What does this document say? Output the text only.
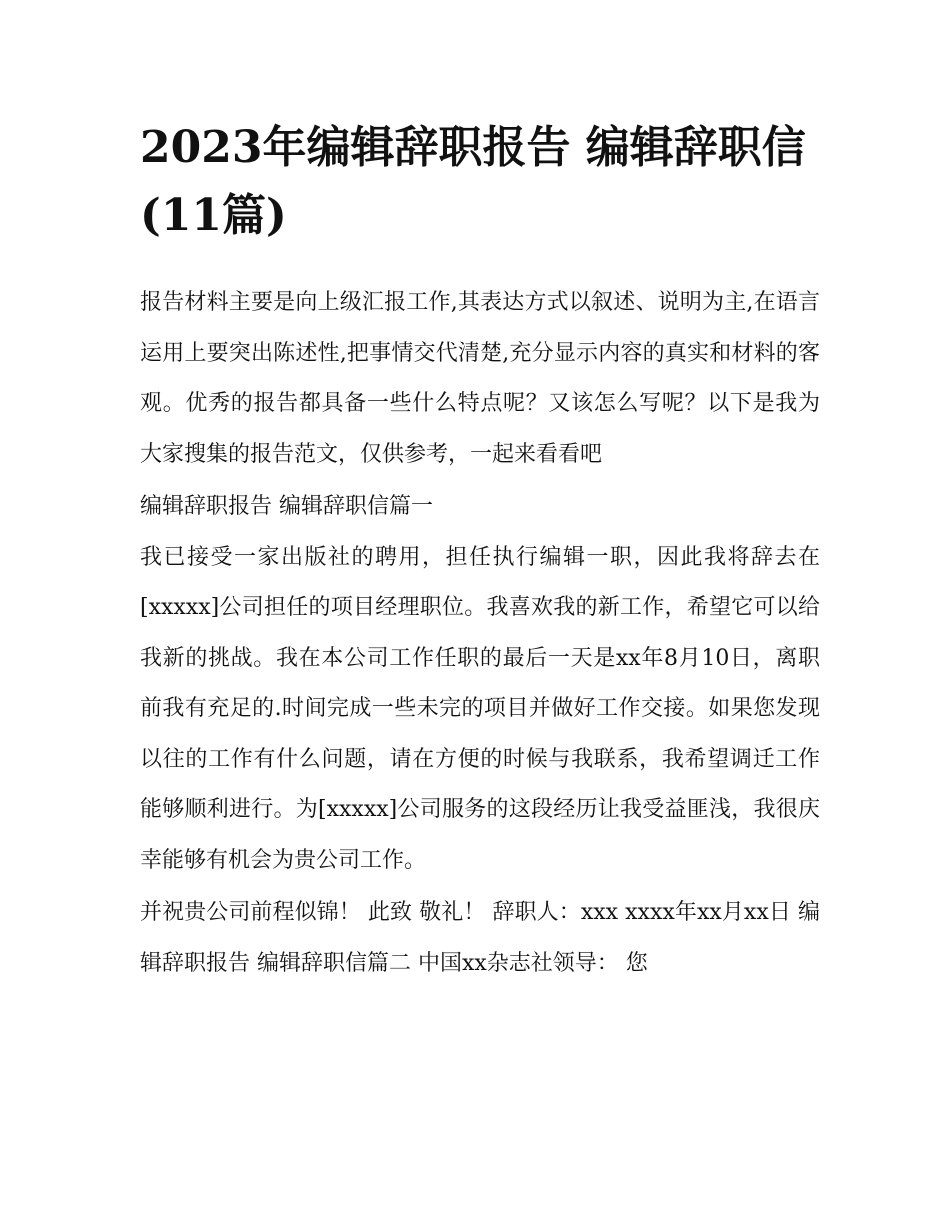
2023年编辑辞职报告 编辑辞职信(11篇)

报告材料主要是向上级汇报工作,其表达方式以叙述、说明为主,在语言运用上要突出陈述性,把事情交代清楚,充分显示内容的真实和材料的客观。优秀的报告都具备一些什么特点呢？又该怎么写呢？以下是我为大家搜集的报告范文，仅供参考，一起来看看吧

编辑辞职报告 编辑辞职信篇一

我已接受一家出版社的聘用，担任执行编辑一职，因此我将辞去在[xxxxx]公司担任的项目经理职位。我喜欢我的新工作，希望它可以给我新的挑战。我在本公司工作任职的最后一天是xx年8月10日，离职前我有充足的.时间完成一些未完的项目并做好工作交接。如果您发现以往的工作有什么问题，请在方便的时候与我联系，我希望调迁工作能够顺利进行。为[xxxxx]公司服务的这段经历让我受益匪浅，我很庆幸能够有机会为贵公司工作。

并祝贵公司前程似锦！ 此致 敬礼！ 辞职人：xxx xxxx年xx月xx日 编辑辞职报告 编辑辞职信篇二 中国xx杂志社领导： 您
